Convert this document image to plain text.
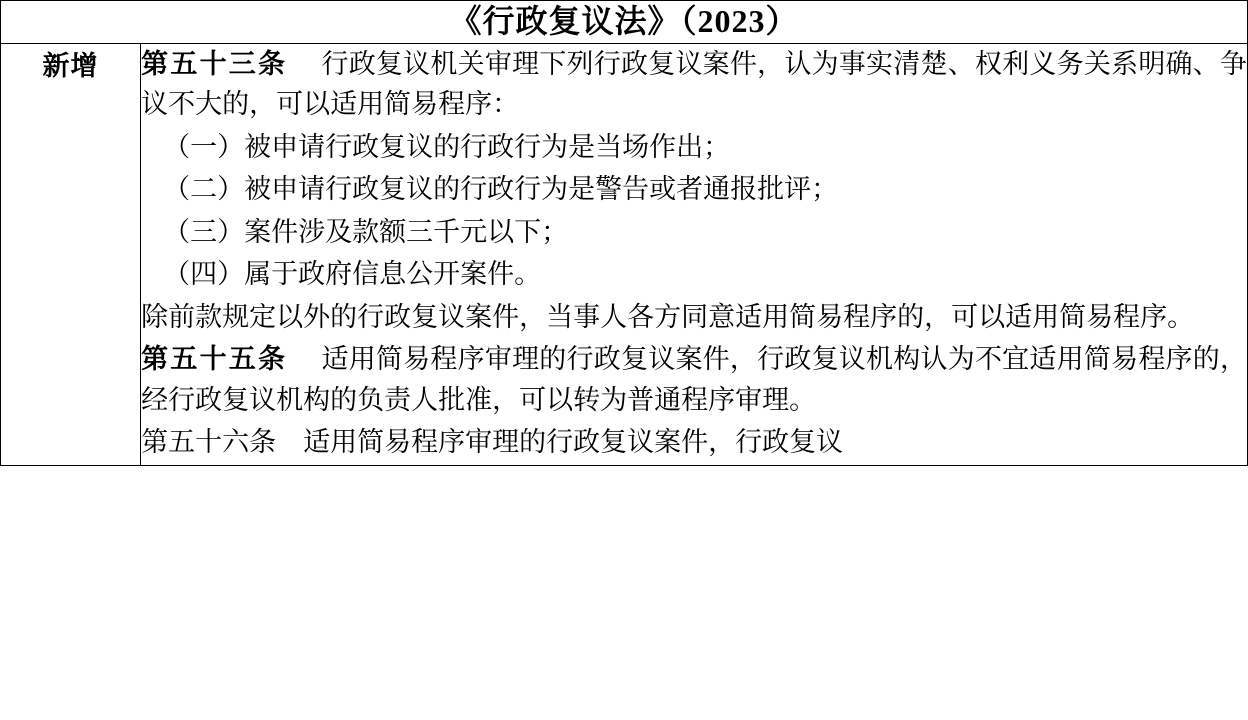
《行政复议法》（2023）
新增	第五十三条 行政复议机关审理下列行政复议案件，认为事实清楚、权利义务关系明确、争议不大的，可以适用简易程序：

（一）被申请行政复议的行政行为是当场作出；

（二）被申请行政复议的行政行为是警告或者通报批评；

（三）案件涉及款额三千元以下；

（四）属于政府信息公开案件。

除前款规定以外的行政复议案件，当事人各方同意适用简易程序的，可以适用简易程序。

第五十五条 适用简易程序审理的行政复议案件，行政复议机构认为不宜适用简易程序的，经行政复议机构的负责人批准，可以转为普通程序审理。

第五十六条　适用简易程序审理的行政复议案件，行政复议
